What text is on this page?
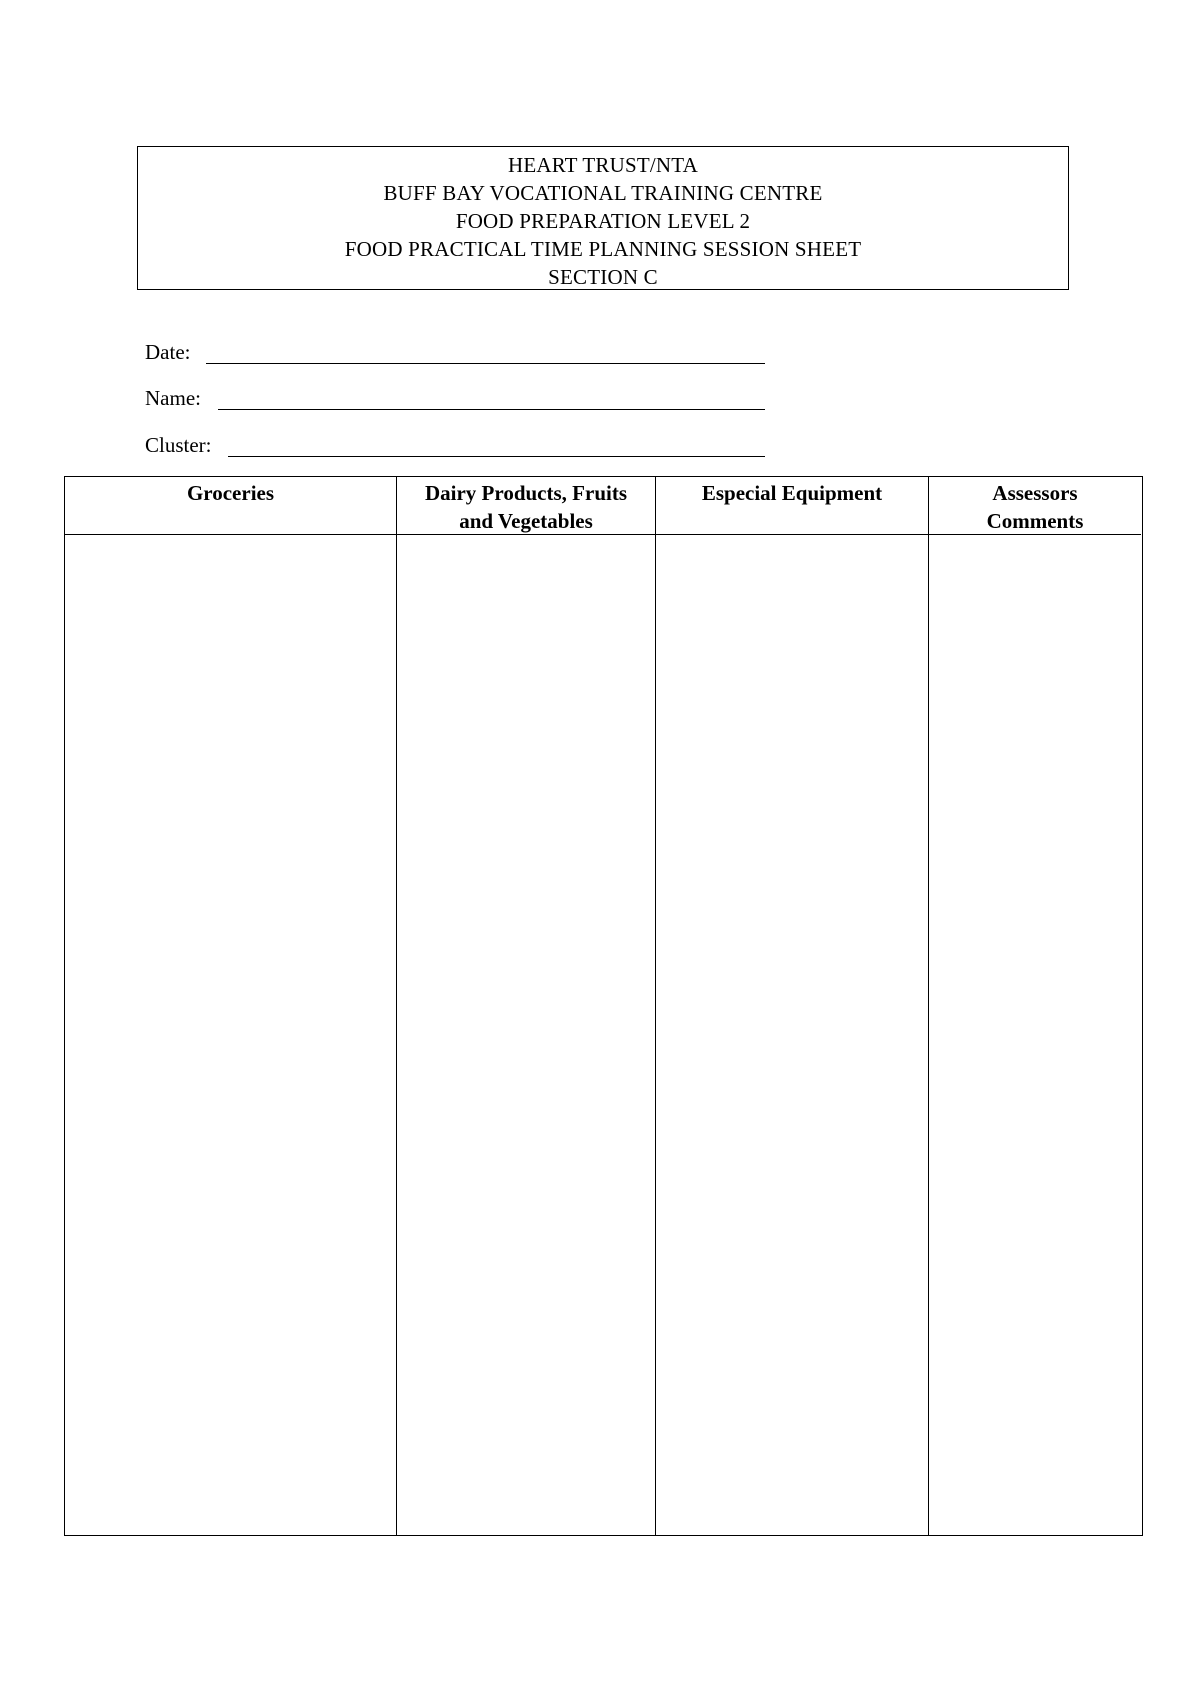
HEART TRUST/NTA
BUFF BAY VOCATIONAL TRAINING CENTRE
FOOD PREPARATION LEVEL 2
FOOD PRACTICAL TIME PLANNING SESSION SHEET
SECTION C
Date:
Name:
Cluster:
Groceries	Dairy Products, Fruits
and Vegetables
Especial Equipment	Assessors
Comments
